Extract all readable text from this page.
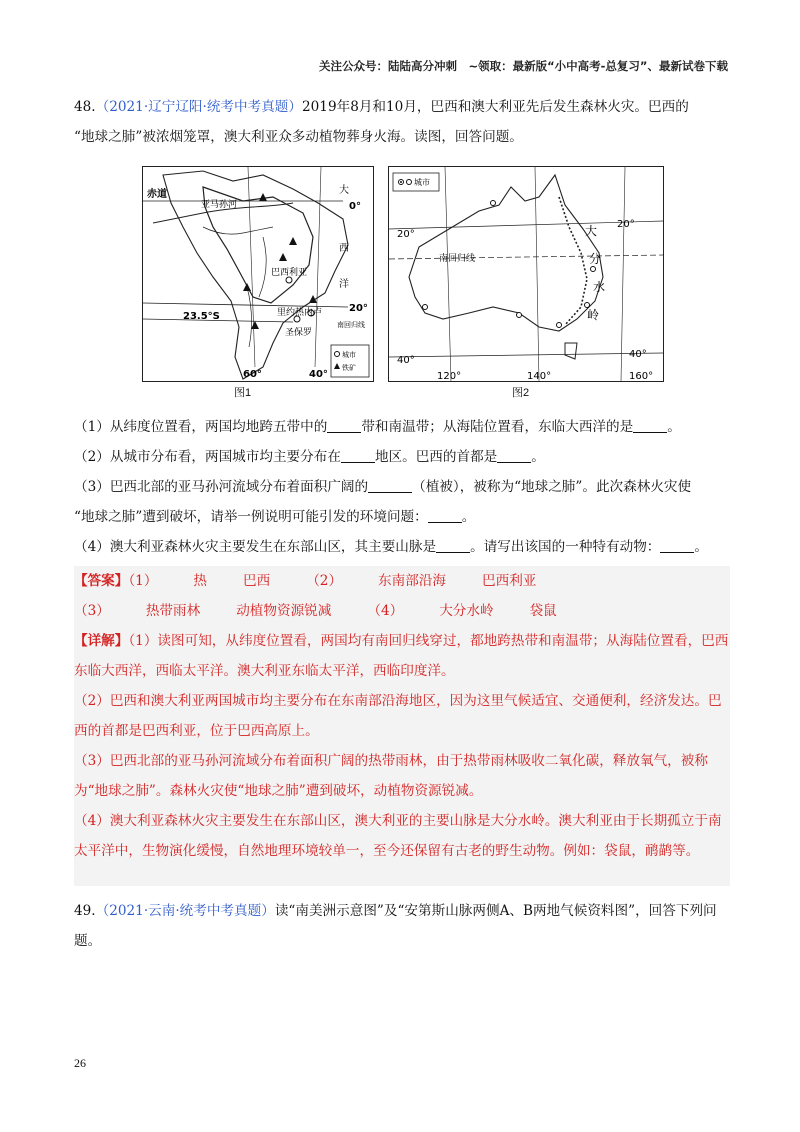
关注公众号：陆陆高分冲刺　~领取：最新版“小中高考-总复习”、最新试卷下载
48.（2021·辽宁辽阳·统考中考真题）2019年8月和10月，巴西和澳大利亚先后发生森林火灾。巴西的
“地球之肺”被浓烟笼罩，澳大利亚众多动植物葬身火海。读图，回答问题。
赤道
亚马孙河
大
西
洋
0°
20°
23.5°S
巴西利亚
里约热内卢
圣保罗
南回归线
60°	40°
城市
铁矿
城市
南回归线
20°
20°
40°
40°
120°	140°	160°
大
分
水
岭
图1	图2
（1）从纬度位置看，两国均地跨五带中的	带和南温带；从海陆位置看，东临大西洋的是	。
（2）从城市分布看，两国城市均主要分布在	地区。巴西的首都是	。
（3）巴西北部的亚马孙河流域分布着面积广阔的	（植被），被称为“地球之肺”。此次森林火灾使
“地球之肺”遭到破坏，请举一例说明可能引发的环境问题：	。
（4）澳大利亚森林火灾主要发生在东部山区，其主要山脉是	。请写出该国的一种特有动物：	。

【答案】（1）	热	巴西	（2）	东南部沿海	巴西利亚

（3）	热带雨林	动植物资源锐减	（4）	大分水岭	袋鼠

【详解】（1）读图可知，从纬度位置看，两国均有南回归线穿过，都地跨热带和南温带；从海陆位置看，巴西东临大西洋，西临太平洋。澳大利亚东临太平洋，西临印度洋。

（2）巴西和澳大利亚两国城市均主要分布在东南部沿海地区，因为这里气候适宜、交通便利，经济发达。巴西的首都是巴西利亚，位于巴西高原上。

（3）巴西北部的亚马孙河流域分布着面积广阔的热带雨林，由于热带雨林吸收二氧化碳，释放氧气，被称为“地球之肺”。森林火灾使“地球之肺”遭到破坏，动植物资源锐减。

（4）澳大利亚森林火灾主要发生在东部山区，澳大利亚的主要山脉是大分水岭。澳大利亚由于长期孤立于南太平洋中，生物演化缓慢，自然地理环境较单一，至今还保留有古老的野生动物。例如：袋鼠，鸸鹋等。

49.（2021·云南·统考中考真题）读“南美洲示意图”及“安第斯山脉两侧A、B两地气候资料图”，回答下列问题。
26
